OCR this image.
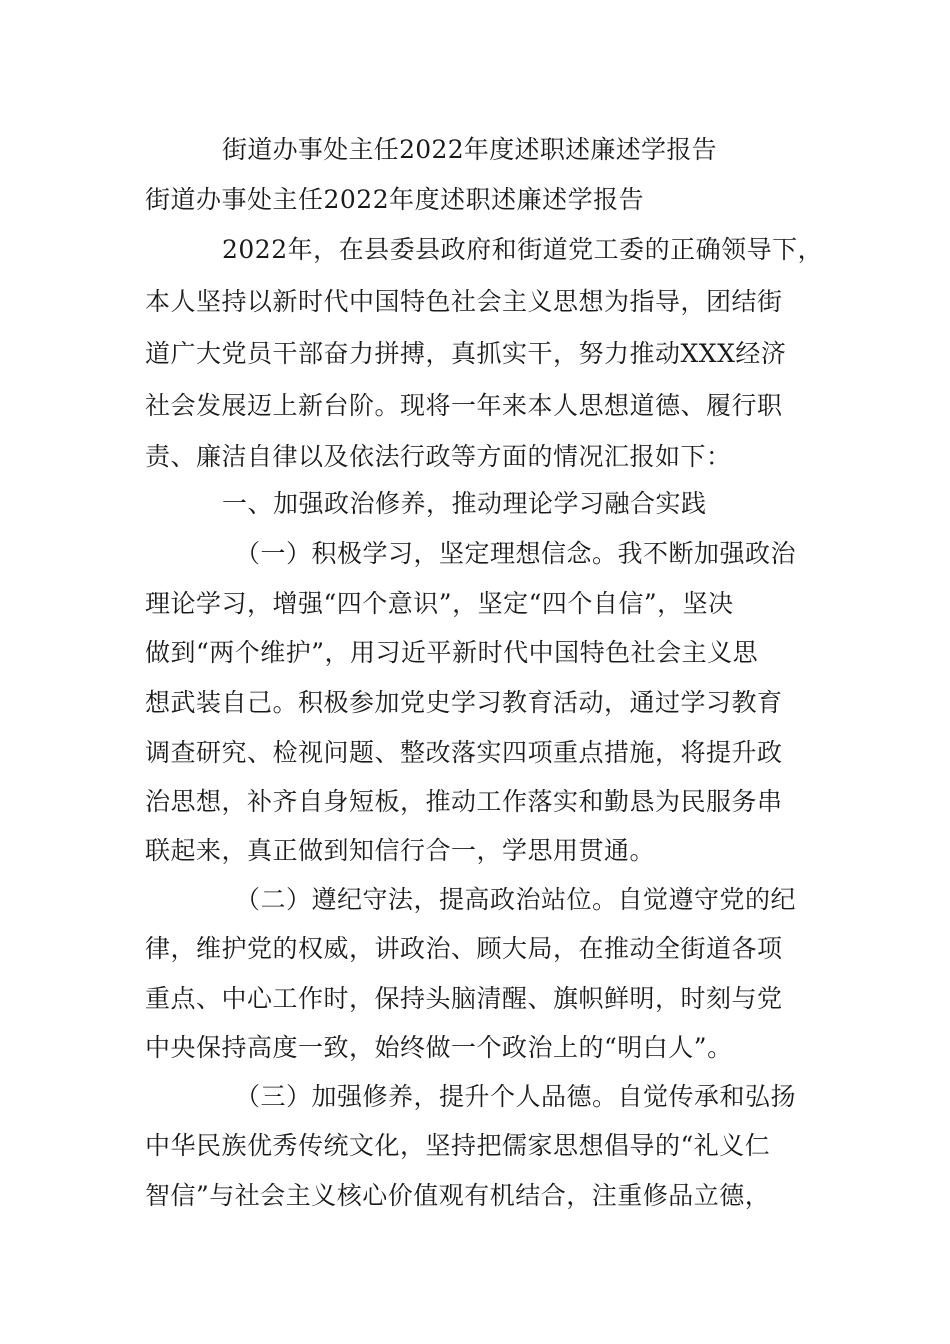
街道办事处主任2022年度述职述廉述学报告
街道办事处主任2022年度述职述廉述学报告
2022年，在县委县政府和街道党工委的正确领导下，
本人坚持以新时代中国特色社会主义思想为指导，团结街
道广大党员干部奋力拼搏，真抓实干，努力推动XXX经济
社会发展迈上新台阶。现将一年来本人思想道德、履行职
责、廉洁自律以及依法行政等方面的情况汇报如下：
一、加强政治修养，推动理论学习融合实践
（一）积极学习，坚定理想信念。我不断加强政治
理论学习，增强“四个意识”，坚定“四个自信”，坚决
做到“两个维护”，用习近平新时代中国特色社会主义思
想武装自己。积极参加党史学习教育活动，通过学习教育
调查研究、检视问题、整改落实四项重点措施，将提升政
治思想，补齐自身短板，推动工作落实和勤恳为民服务串
联起来，真正做到知信行合一，学思用贯通。
（二）遵纪守法，提高政治站位。自觉遵守党的纪
律，维护党的权威，讲政治、顾大局，在推动全街道各项
重点、中心工作时，保持头脑清醒、旗帜鲜明，时刻与党
中央保持高度一致，始终做一个政治上的“明白人”。
（三）加强修养，提升个人品德。自觉传承和弘扬
中华民族优秀传统文化，坚持把儒家思想倡导的“礼义仁
智信”与社会主义核心价值观有机结合，注重修品立德，
